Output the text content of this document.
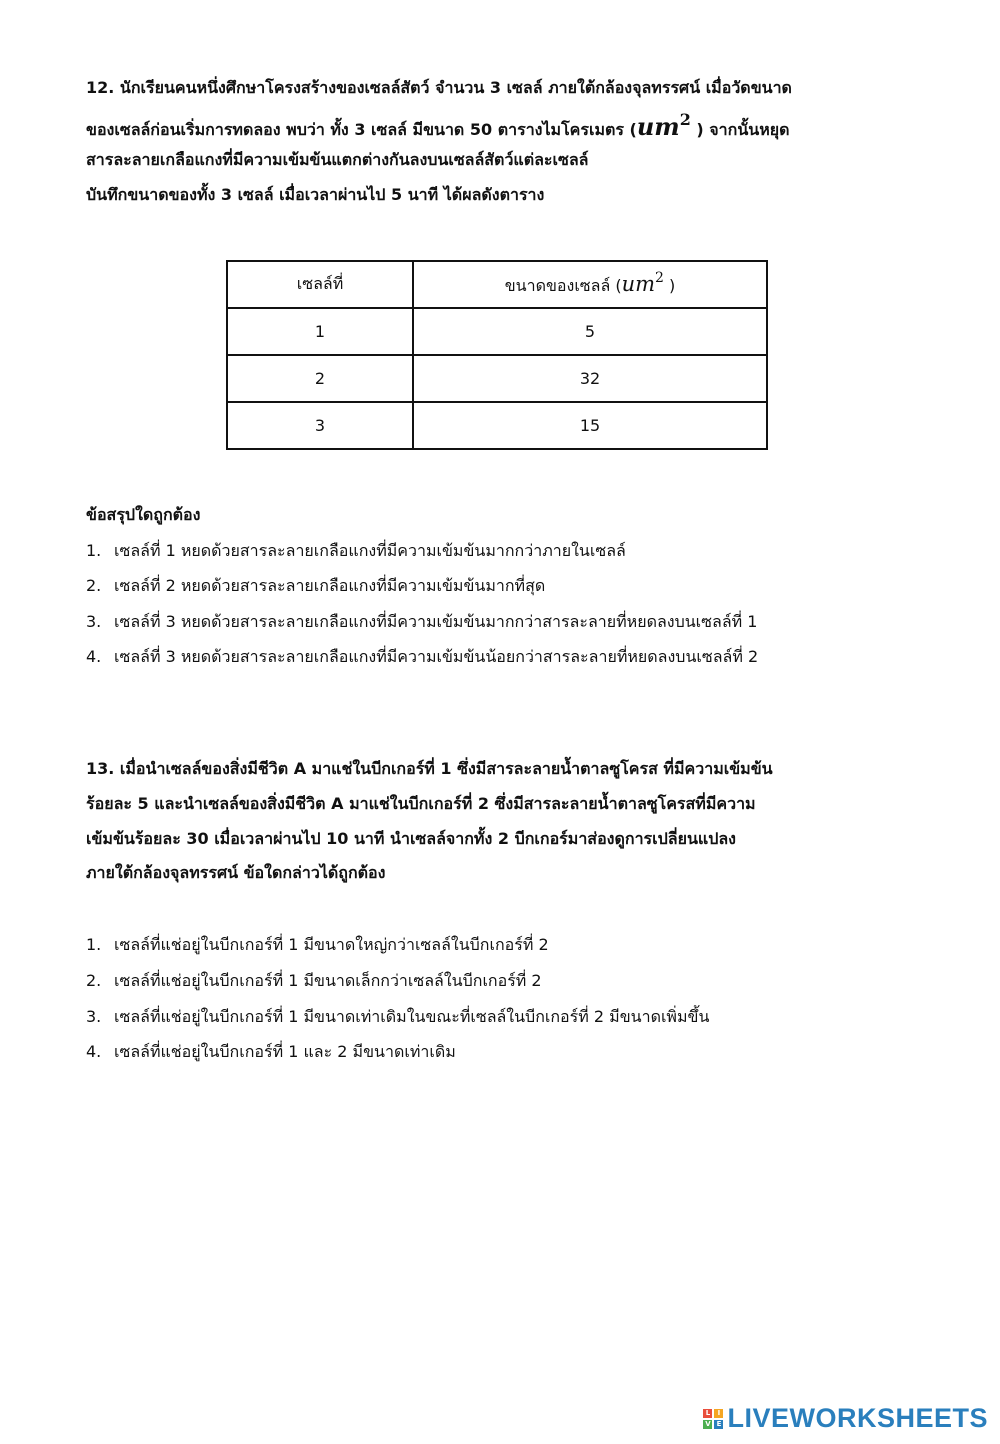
12. นักเรียนคนหนึ่งศึกษาโครงสร้างของเซลล์สัตว์ จำนวน 3 เซลล์ ภายใต้กล้องจุลทรรศน์ เมื่อวัดขนาด
ของเซลล์ก่อนเริ่มการทดลอง พบว่า ทั้ง 3 เซลล์ มีขนาด 50 ตารางไมโครเมตร ($um^2$ ) จากนั้นหยุด
สารละลายเกลือแกงที่มีความเข้มข้นแตกต่างกันลงบนเซลล์สัตว์แต่ละเซลล์
บันทึกขนาดของทั้ง 3 เซลล์ เมื่อเวลาผ่านไป 5 นาที ได้ผลดังตาราง
เซลล์ที่	ขนาดของเซลล์ ($um^2$ )
1	5
2	32
3	15
ข้อสรุปใดถูกต้อง
1. เซลล์ที่ 1 หยดด้วยสารละลายเกลือแกงที่มีความเข้มข้นมากกว่าภายในเซลล์
2. เซลล์ที่ 2 หยดด้วยสารละลายเกลือแกงที่มีความเข้มข้นมากที่สุด
3. เซลล์ที่ 3 หยดด้วยสารละลายเกลือแกงที่มีความเข้มข้นมากกว่าสารละลายที่หยดลงบนเซลล์ที่ 1
4. เซลล์ที่ 3 หยดด้วยสารละลายเกลือแกงที่มีความเข้มข้นน้อยกว่าสารละลายที่หยดลงบนเซลล์ที่ 2
13. เมื่อนำเซลล์ของสิ่งมีชีวิต A มาแช่ในบีกเกอร์ที่ 1 ซึ่งมีสารละลายน้ำตาลซูโครส ที่มีความเข้มข้น
ร้อยละ 5 และนำเซลล์ของสิ่งมีชีวิต A มาแช่ในบีกเกอร์ที่ 2 ซึ่งมีสารละลายน้ำตาลซูโครสที่มีความ
เข้มข้นร้อยละ 30 เมื่อเวลาผ่านไป 10 นาที นำเซลล์จากทั้ง 2 บีกเกอร์มาส่องดูการเปลี่ยนแปลง
ภายใต้กล้องจุลทรรศน์ ข้อใดกล่าวได้ถูกต้อง
1. เซลล์ที่แช่อยู่ในบีกเกอร์ที่ 1 มีขนาดใหญ่กว่าเซลล์ในบีกเกอร์ที่ 2
2. เซลล์ที่แช่อยู่ในบีกเกอร์ที่ 1 มีขนาดเล็กกว่าเซลล์ในบีกเกอร์ที่ 2
3. เซลล์ที่แช่อยู่ในบีกเกอร์ที่ 1 มีขนาดเท่าเดิมในขณะที่เซลล์ในบีกเกอร์ที่ 2 มีขนาดเพิ่มขึ้น
4. เซลล์ที่แช่อยู่ในบีกเกอร์ที่ 1 และ 2 มีขนาดเท่าเดิม
L	I
V E LIVEWORKSHEETS
